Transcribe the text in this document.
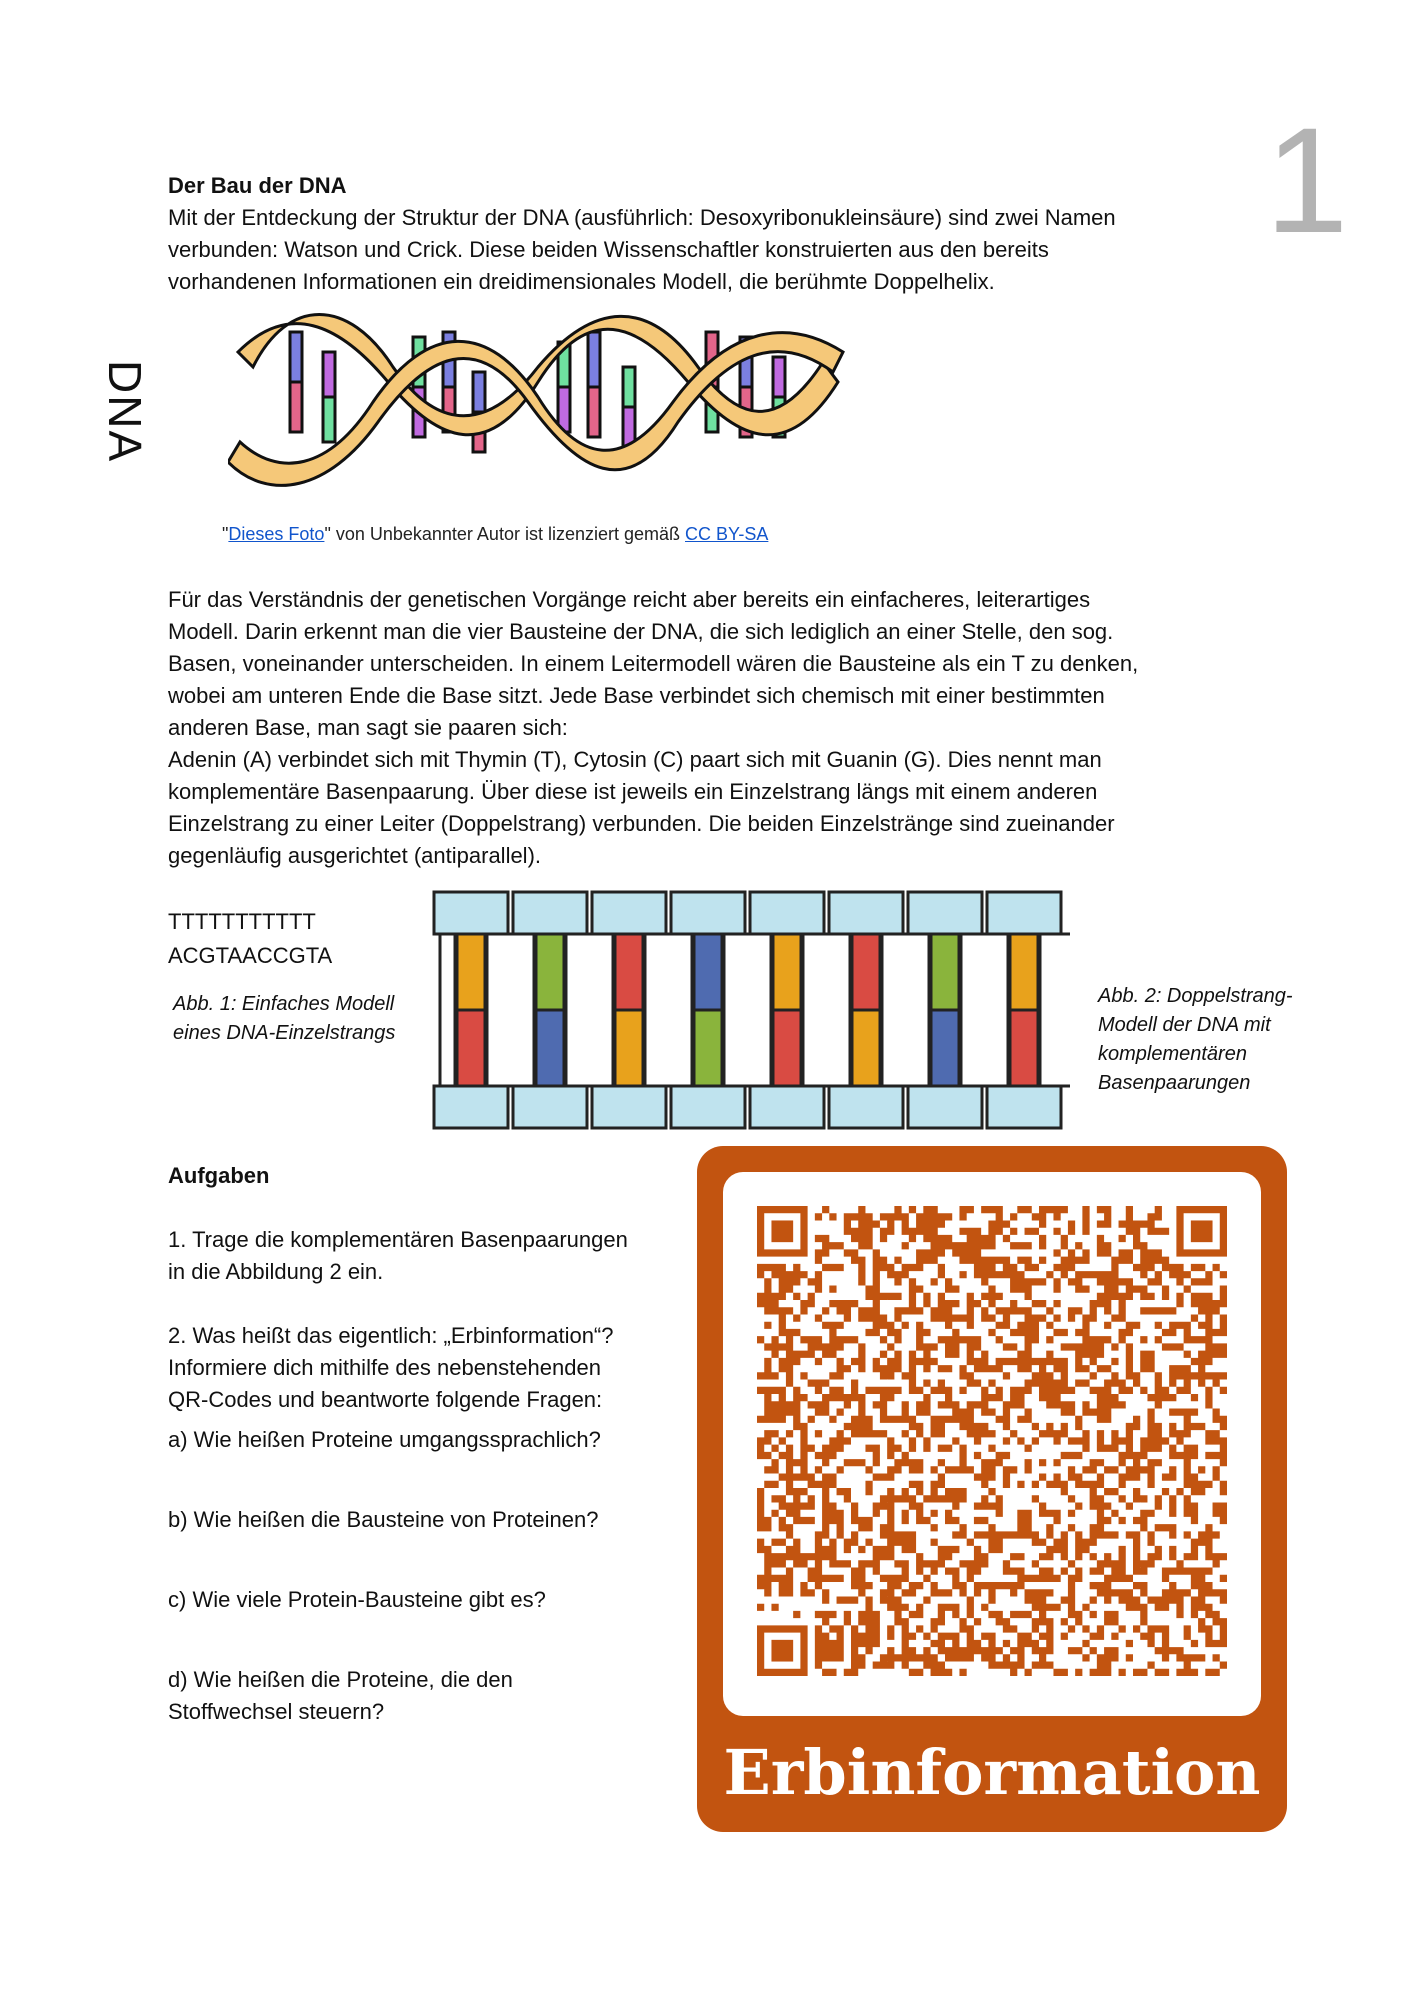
1
Der Bau der DNA
Mit der Entdeckung der Struktur der DNA (ausführlich: Desoxyribonukleinsäure) sind zwei Namen
verbunden: Watson und Crick. Diese beiden Wissenschaftler konstruierten aus den bereits
vorhandenen Informationen ein dreidimensionales Modell, die berühmte Doppelhelix.
DNA
"Dieses Foto" von Unbekannter Autor ist lizenziert gemäß CC BY-SA
Für das Verständnis der genetischen Vorgänge reicht aber bereits ein einfacheres, leiterartiges
Modell. Darin erkennt man die vier Bausteine der DNA, die sich lediglich an einer Stelle, den sog.
Basen, voneinander unterscheiden. In einem Leitermodell wären die Bausteine als ein T zu denken,
wobei am unteren Ende die Base sitzt. Jede Base verbindet sich chemisch mit einer bestimmten
anderen Base, man sagt sie paaren sich:
Adenin (A) verbindet sich mit Thymin (T), Cytosin (C) paart sich mit Guanin (G). Dies nennt man
komplementäre Basenpaarung. Über diese ist jeweils ein Einzelstrang längs mit einem anderen
Einzelstrang zu einer Leiter (Doppelstrang) verbunden. Die beiden Einzelstränge sind zueinander
gegenläufig ausgerichtet (antiparallel).
TTTTTTTTTTT
ACGTAACCGTA
Abb. 1: Einfaches Modell
eines DNA-Einzelstrangs
Abb. 2: Doppelstrang-
Modell der DNA mit
komplementären
Basenpaarungen
Aufgaben
1. Trage die komplementären Basenpaarungen
in die Abbildung 2 ein.
2. Was heißt das eigentlich: „Erbinformation“?
Informiere dich mithilfe des nebenstehenden
QR-Codes und beantworte folgende Fragen:
a) Wie heißen Proteine umgangssprachlich?
b) Wie heißen die Bausteine von Proteinen?
c) Wie viele Protein-Bausteine gibt es?
d) Wie heißen die Proteine, die den
Stoffwechsel steuern?
Erbinformation
